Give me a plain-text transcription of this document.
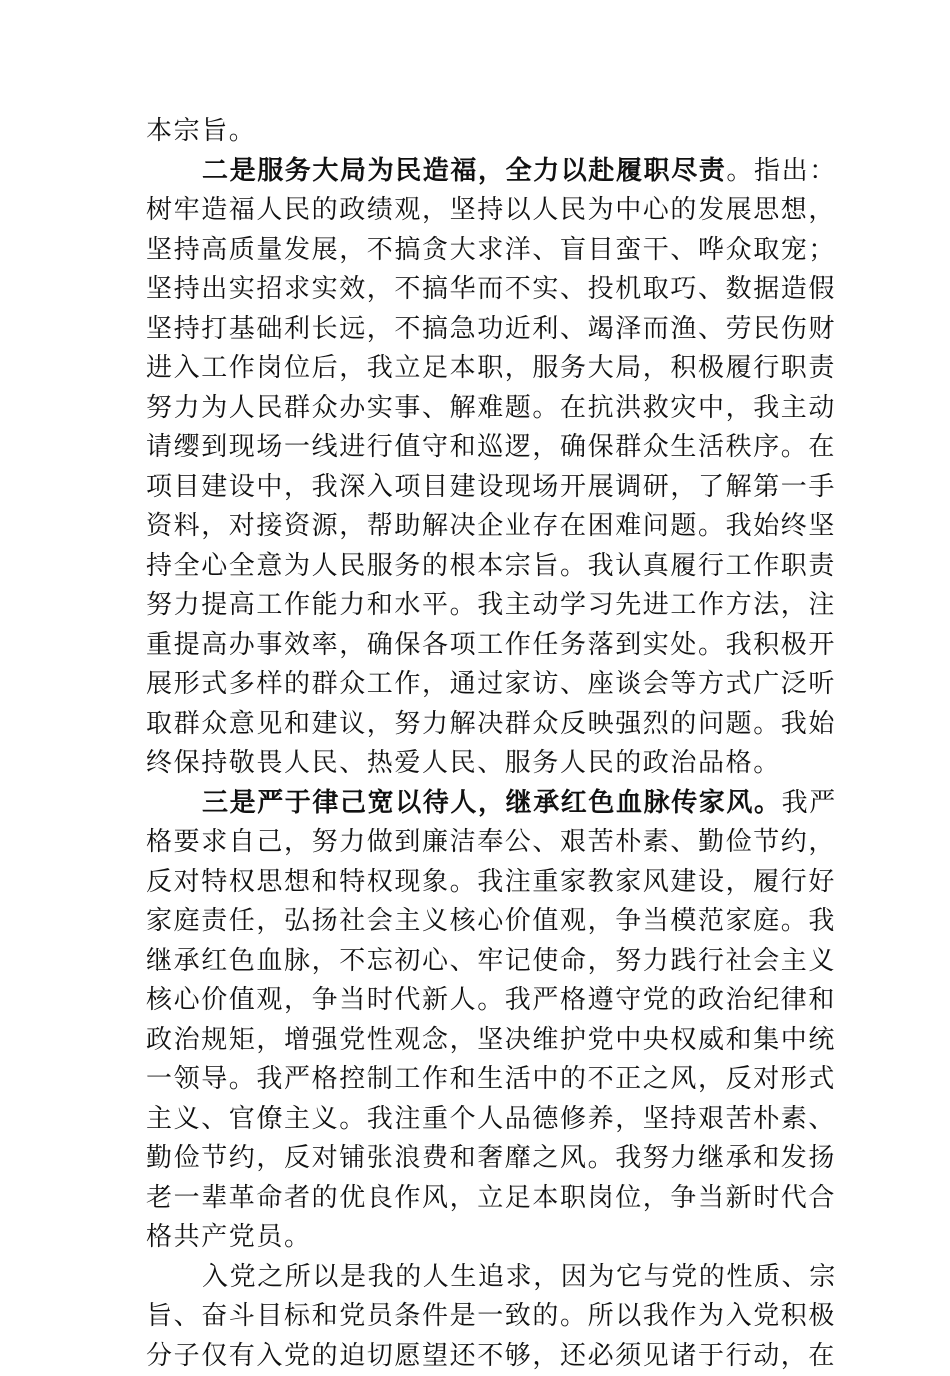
本宗旨。
二是服务大局为民造福，全力以赴履职尽责。指出：
树牢造福人民的政绩观，坚持以人民为中心的发展思想，
坚持高质量发展，不搞贪大求洋、盲目蛮干、哗众取宠；
坚持出实招求实效，不搞华而不实、投机取巧、数据造假
坚持打基础利长远，不搞急功近利、竭泽而渔、劳民伤财
进入工作岗位后，我立足本职，服务大局，积极履行职责
努力为人民群众办实事、解难题。在抗洪救灾中，我主动
请缨到现场一线进行值守和巡逻，确保群众生活秩序。在
项目建设中，我深入项目建设现场开展调研，了解第一手
资料，对接资源，帮助解决企业存在困难问题。我始终坚
持全心全意为人民服务的根本宗旨。我认真履行工作职责
努力提高工作能力和水平。我主动学习先进工作方法，注
重提高办事效率，确保各项工作任务落到实处。我积极开
展形式多样的群众工作，通过家访、座谈会等方式广泛听
取群众意见和建议，努力解决群众反映强烈的问题。我始
终保持敬畏人民、热爱人民、服务人民的政治品格。
三是严于律己宽以待人，继承红色血脉传家风。我严
格要求自己，努力做到廉洁奉公、艰苦朴素、勤俭节约，
反对特权思想和特权现象。我注重家教家风建设，履行好
家庭责任，弘扬社会主义核心价值观，争当模范家庭。我
继承红色血脉，不忘初心、牢记使命，努力践行社会主义
核心价值观，争当时代新人。我严格遵守党的政治纪律和
政治规矩，增强党性观念，坚决维护党中央权威和集中统
一领导。我严格控制工作和生活中的不正之风，反对形式
主义、官僚主义。我注重个人品德修养，坚持艰苦朴素、
勤俭节约，反对铺张浪费和奢靡之风。我努力继承和发扬
老一辈革命者的优良作风，立足本职岗位，争当新时代合
格共产党员。
入党之所以是我的人生追求，因为它与党的性质、宗
旨、奋斗目标和党员条件是一致的。所以我作为入党积极
分子仅有入党的迫切愿望还不够，还必须见诸于行动，在
